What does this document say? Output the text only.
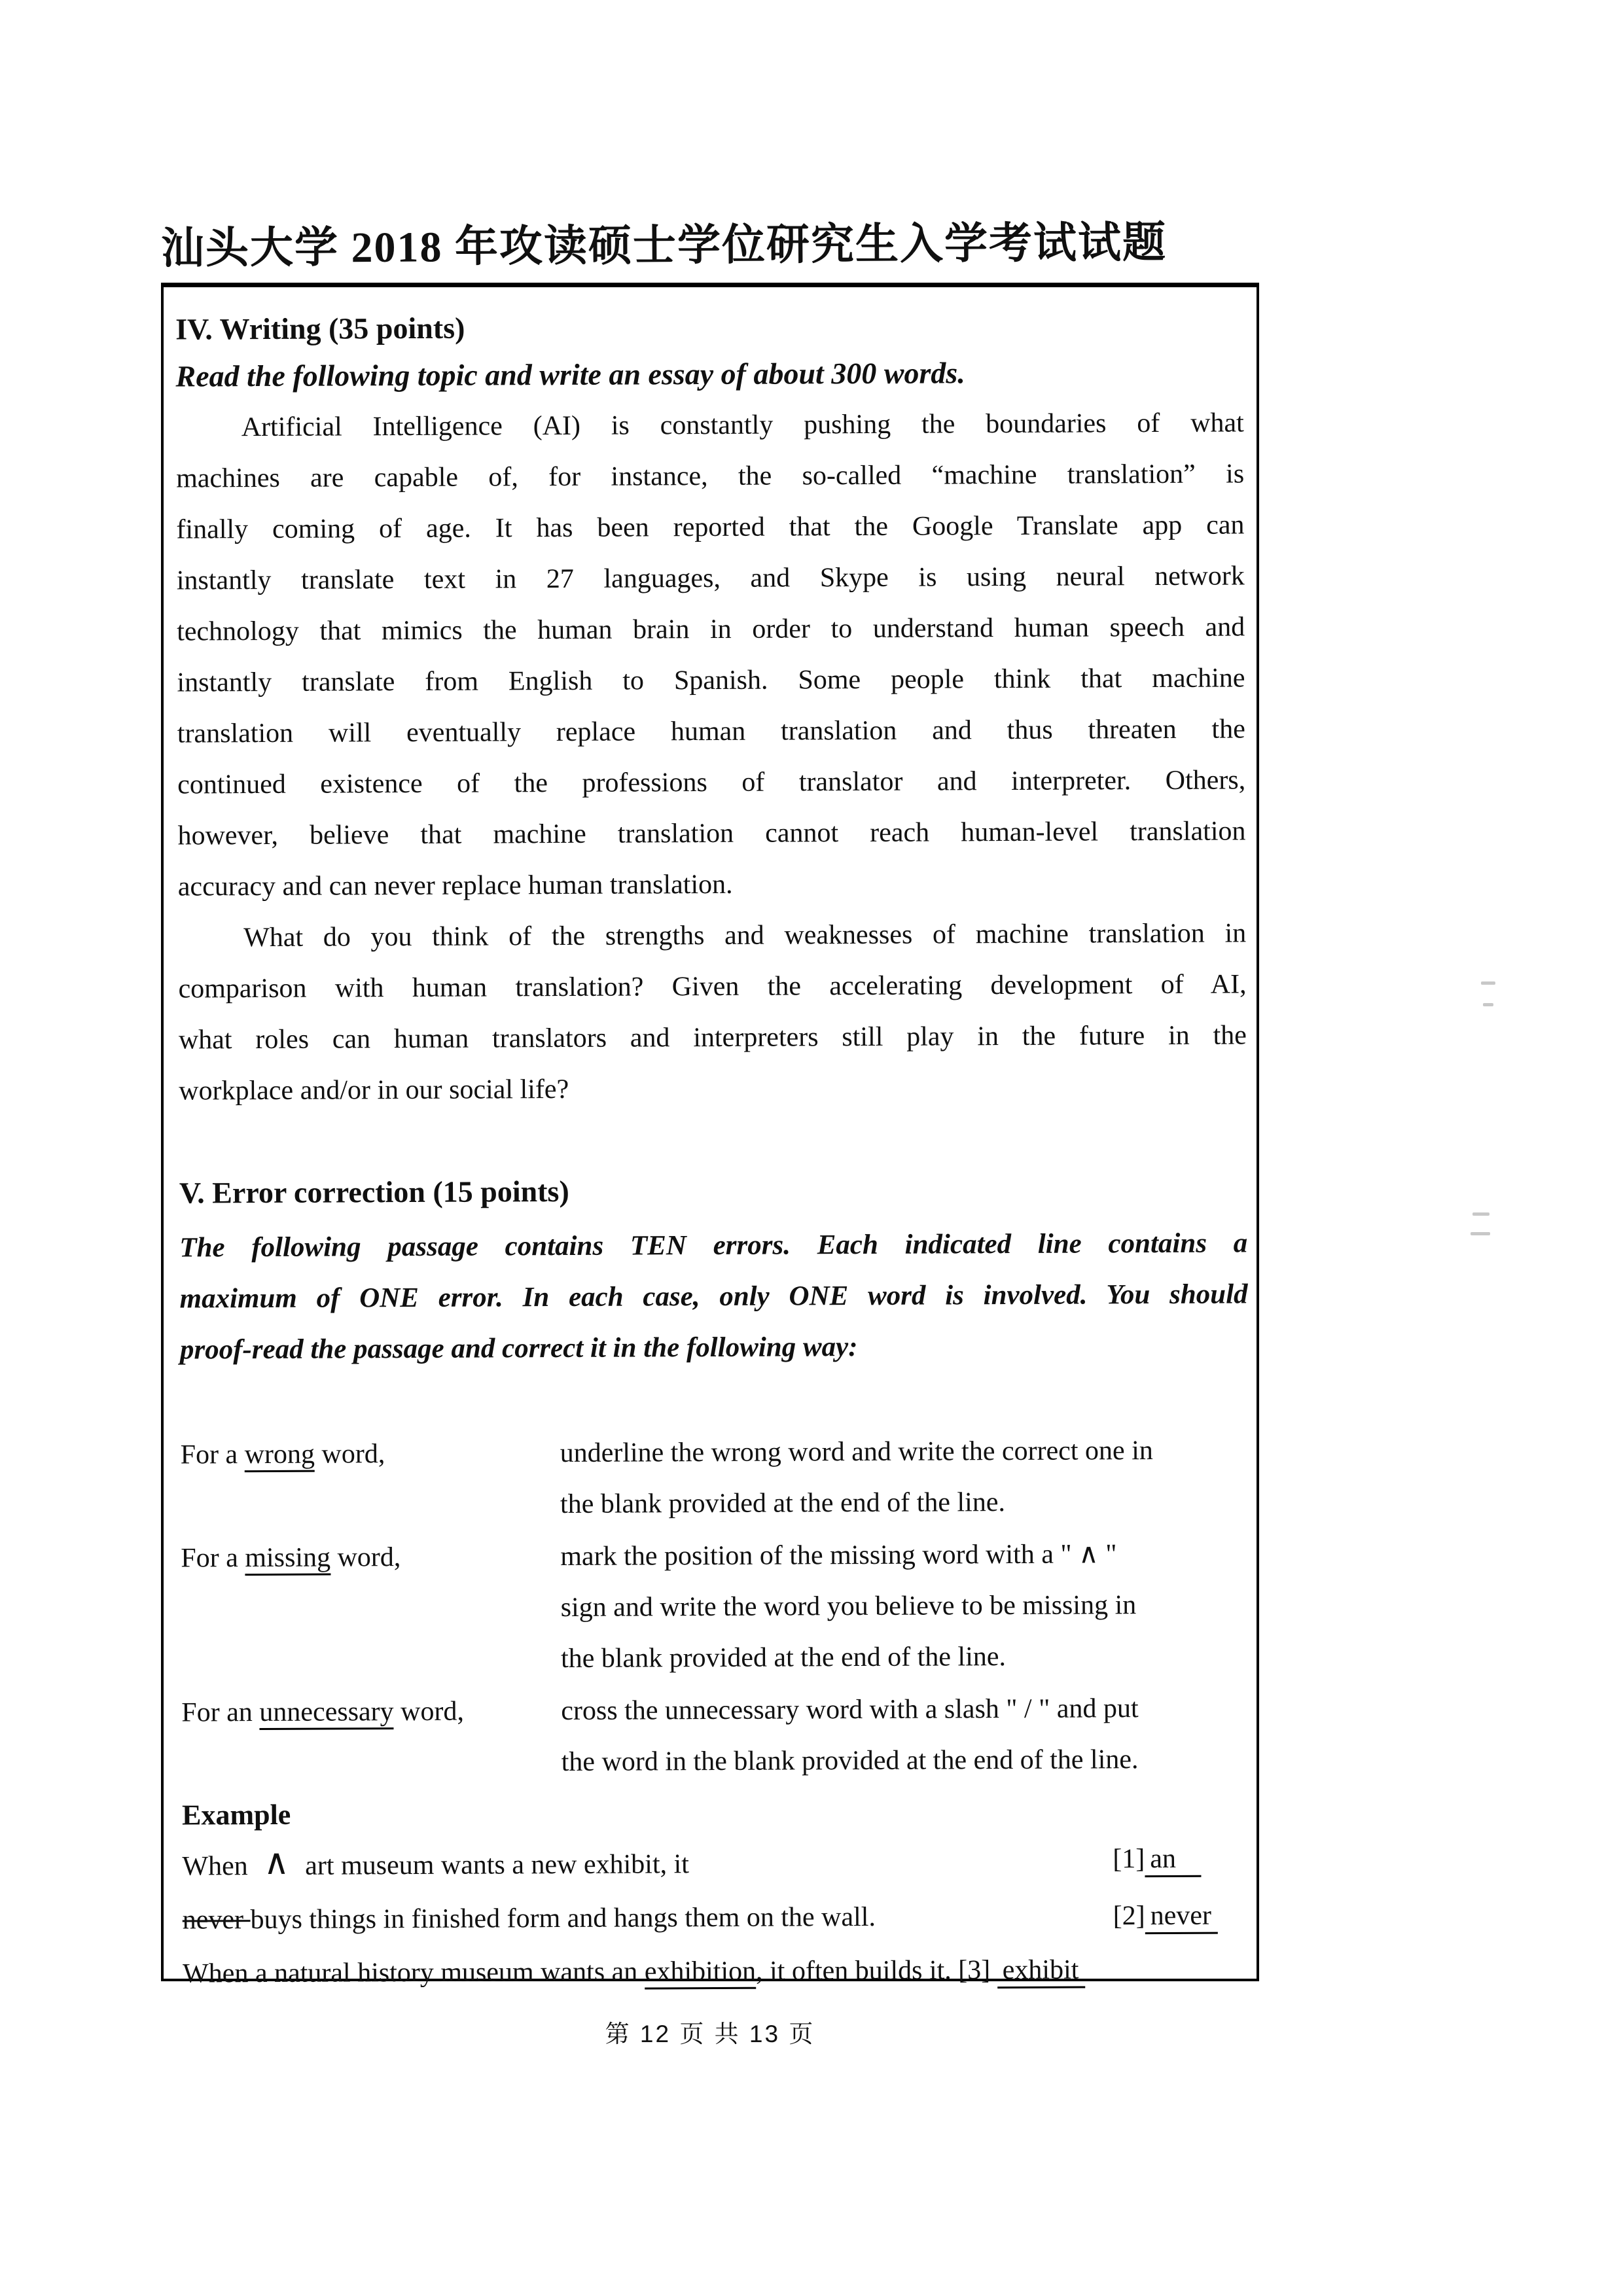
汕头大学 2018 年攻读硕士学位研究生入学考试试题
IV. Writing (35 points)
Read the following topic and write an essay of about 300 words.
Artificial Intelligence (AI) is constantly pushing the boundaries of what
machines are capable of, for instance, the so-called “machine translation” is
finally coming of age. It has been reported that the Google Translate app can
instantly translate text in 27 languages, and Skype is using neural network
technology that mimics the human brain in order to understand human speech and
instantly translate from English to Spanish. Some people think that machine
translation will eventually replace human translation and thus threaten the
continued existence of the professions of translator and interpreter. Others,
however, believe that machine translation cannot reach human-level translation
accuracy and can never replace human translation.
What do you think of the strengths and weaknesses of machine translation in
comparison with human translation? Given the accelerating development of AI,
what roles can human translators and interpreters still play in the future in the
workplace and/or in our social life?
V. Error correction (15 points)
The following passage contains TEN errors. Each indicated line contains a
maximum of ONE error. In each case, only ONE word is involved. You should
proof-read the passage and correct it in the following way:
For a wrong word,	underline the wrong word and write the correct one in
the blank provided at the end of the line.
For a missing word,	mark the position of the missing word with a " ∧ "
sign and write the word you believe to be missing in
the blank provided at the end of the line.
For an unnecessary word,	cross the unnecessary word with a slash " / " and put
the word in the blank provided at the end of the line.
Example
When ∧ art museum wants a new exhibit, it	[1] an
never buys things in finished form and hangs them on the wall.	[2] never
When a natural history museum wants an exhibition, it often builds it. [3] exhibit
第 12 页 共 13 页
